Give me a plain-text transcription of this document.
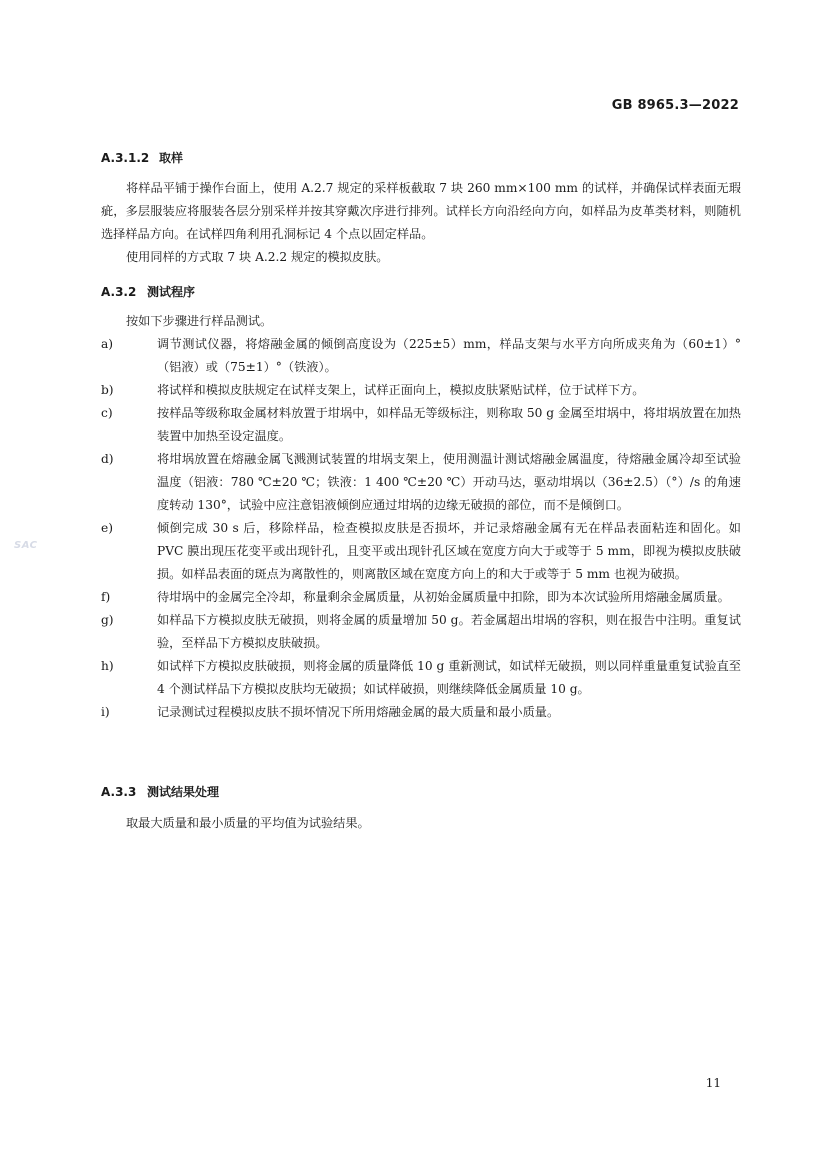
GB 8965.3—2022
SAC
A.3.1.2 取样
将样品平铺于操作台面上，使用 A.2.7 规定的采样板截取 7 块 260 mm×100 mm 的试样，并确保试样表面无瑕疵，多层服装应将服装各层分别采样并按其穿戴次序进行排列。试样长方向沿经向方向，如样品为皮革类材料，则随机选择样品方向。在试样四角利用孔洞标记 4 个点以固定样品。
使用同样的方式取 7 块 A.2.2 规定的模拟皮肤。
A.3.2 测试程序
按如下步骤进行样品测试。
a)	调节测试仪器，将熔融金属的倾倒高度设为（225±5）mm，样品支架与水平方向所成夹角为（60±1）°（铝液）或（75±1）°（铁液）。
b)	将试样和模拟皮肤规定在试样支架上，试样正面向上，模拟皮肤紧贴试样，位于试样下方。
c)	按样品等级称取金属材料放置于坩埚中，如样品无等级标注，则称取 50 g 金属至坩埚中，将坩埚放置在加热装置中加热至设定温度。
d)	将坩埚放置在熔融金属飞溅测试装置的坩埚支架上，使用测温计测试熔融金属温度，待熔融金属冷却至试验温度（铝液：780 ℃±20 ℃；铁液：1 400 ℃±20 ℃）开动马达，驱动坩埚以（36±2.5）（°）/s 的角速度转动 130°，试验中应注意铝液倾倒应通过坩埚的边缘无破损的部位，而不是倾倒口。
e)	倾倒完成 30 s 后，移除样品，检查模拟皮肤是否损坏，并记录熔融金属有无在样品表面粘连和固化。如 PVC 膜出现压花变平或出现针孔，且变平或出现针孔区域在宽度方向大于或等于 5 mm，即视为模拟皮肤破损。如样品表面的斑点为离散性的，则离散区域在宽度方向上的和大于或等于 5 mm 也视为破损。
f)	待坩埚中的金属完全冷却，称量剩余金属质量，从初始金属质量中扣除，即为本次试验所用熔融金属质量。
g)	如样品下方模拟皮肤无破损，则将金属的质量增加 50 g。若金属超出坩埚的容积，则在报告中注明。重复试验，至样品下方模拟皮肤破损。
h)	如试样下方模拟皮肤破损，则将金属的质量降低 10 g 重新测试，如试样无破损，则以同样重量重复试验直至 4 个测试样品下方模拟皮肤均无破损；如试样破损，则继续降低金属质量 10 g。
i)	记录测试过程模拟皮肤不损坏情况下所用熔融金属的最大质量和最小质量。
A.3.3 测试结果处理
取最大质量和最小质量的平均值为试验结果。
11
